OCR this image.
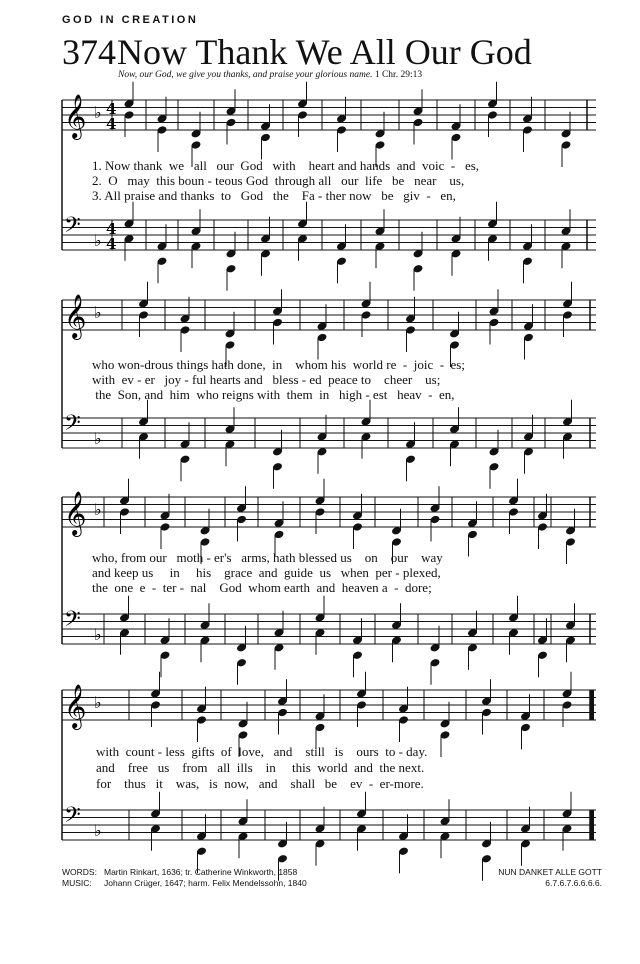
GOD IN CREATION
374 Now Thank We All Our God
Now, our God, we give you thanks, and praise your glorious name. 1 Chr. 29:13
𝄞 ♭ 4
4
𝄢 ♭
4
4
𝄞 ♭
𝄢 ♭
𝄞 ♭
𝄢 ♭
𝄞 ♭
𝄢 ♭
1. Now thank  we   all   our  God   with    heart and hands  and  voic  -   es,
2.  O   may  this boun - teous God  through all   our  life   be   near    us,
3. All praise and thanks  to   God   the    Fa - ther now   be   giv  -   en,
who won-drous things hath done,  in    whom his  world re  -  joic  -  es;
with  ev - er   joy - ful hearts and   bless - ed  peace to    cheer    us;
the  Son, and  him  who reigns with  them  in   high - est   heav  -  en,
who, from our   moth - er's   arms, hath blessed us    on    our    way
and keep us     in     his    grace  and  guide  us   when  per - plexed,
the  one  e  -  ter -  nal    God  whom earth  and  heaven a  -  dore;
with  count - less  gifts  of  love,   and    still   is    ours  to - day.
and    free   us    from   all  ills    in     this  world  and  the next.
for    thus   it    was,   is  now,   and    shall   be    ev  -  er-more.
WORDS: Martin Rinkart, 1636; tr. Catherine Winkworth, 1858
MUSIC: Johann Crüger, 1647; harm. Felix Mendelssohn, 1840
NUN DANKET ALLE GOTT
6.7.6.7.6.6.6.6.
